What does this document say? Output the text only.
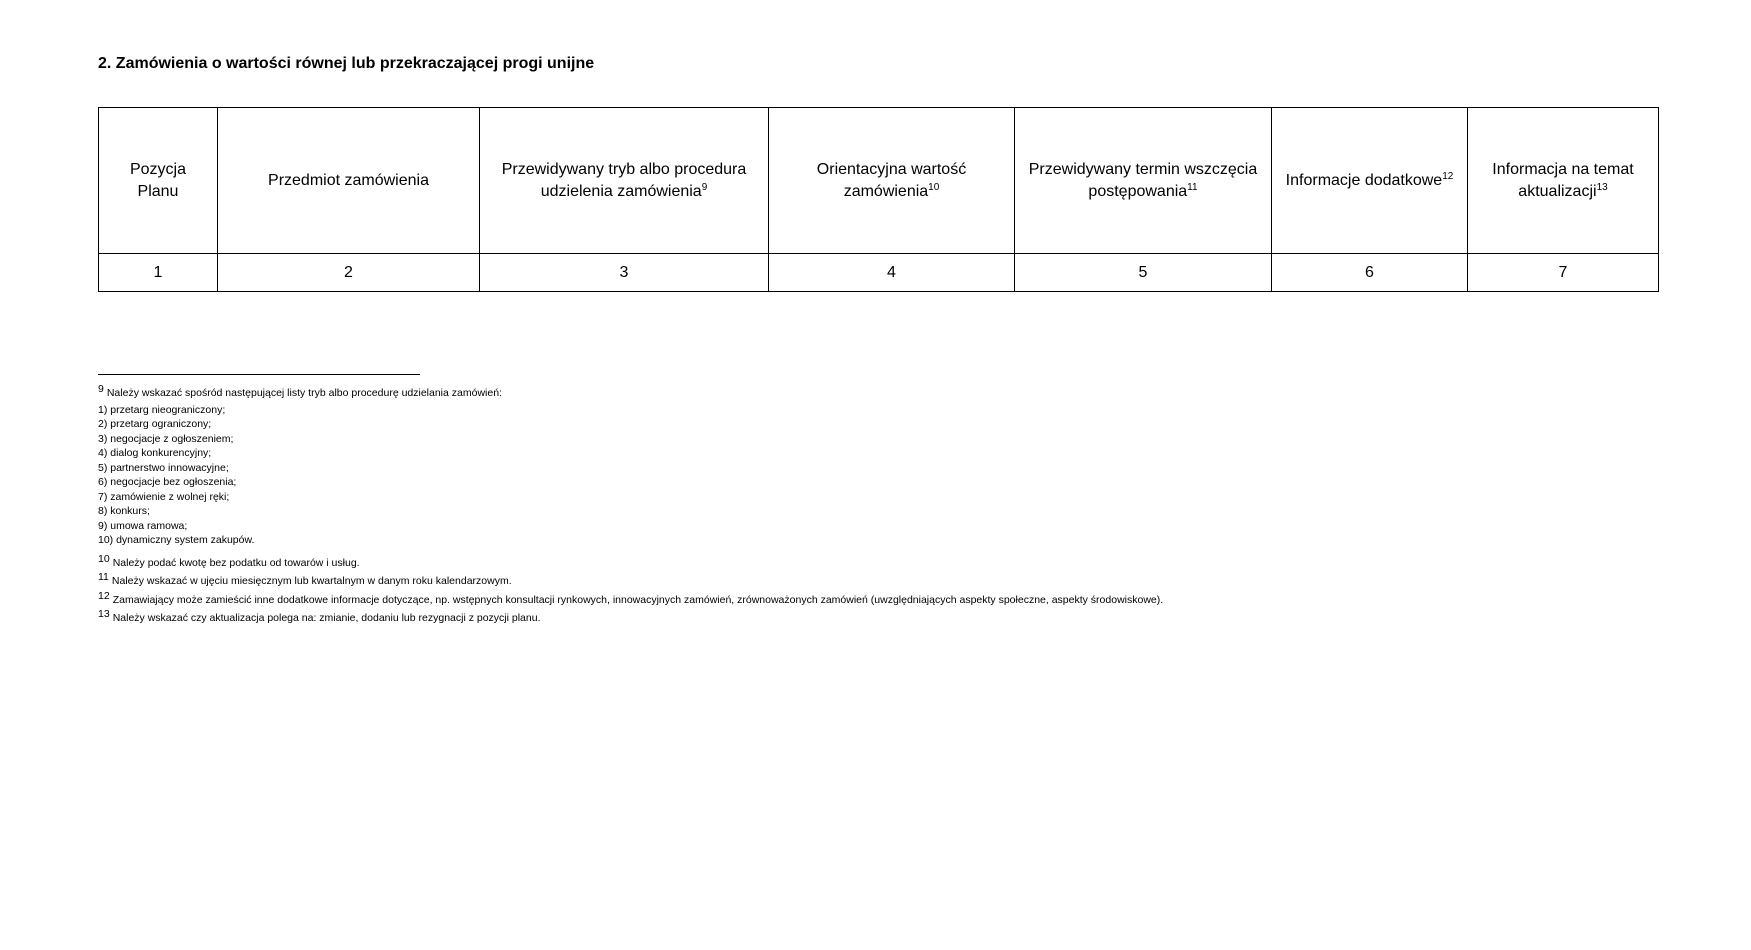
2. Zamówienia o wartości równej lub przekraczającej progi unijne
Pozycja Planu	Przedmiot zamówienia	Przewidywany tryb albo procedura udzielenia zamówienia$^9$	Orientacyjna wartość zamówienia$^{10}$	Przewidywany termin wszczęcia postępowania$^{11}$	Informacje dodatkowe$^{12}$	Informacja na temat aktualizacji$^{13}$
1	2	3	4	5	6	7
9 Należy wskazać spośród następującej listy tryb albo procedurę udzielania zamówień:
1) przetarg nieograniczony;
2) przetarg ograniczony;
3) negocjacje z ogłoszeniem;
4) dialog konkurencyjny;
5) partnerstwo innowacyjne;
6) negocjacje bez ogłoszenia;
7) zamówienie z wolnej ręki;
8) konkurs;
9) umowa ramowa;
10) dynamiczny system zakupów.
10 Należy podać kwotę bez podatku od towarów i usług.
11 Należy wskazać w ujęciu miesięcznym lub kwartalnym w danym roku kalendarzowym.
12 Zamawiający może zamieścić inne dodatkowe informacje dotyczące, np. wstępnych konsultacji rynkowych, innowacyjnych zamówień, zrównoważonych zamówień (uwzględniających aspekty społeczne, aspekty środowiskowe).
13 Należy wskazać czy aktualizacja polega na: zmianie, dodaniu lub rezygnacji z pozycji planu.
